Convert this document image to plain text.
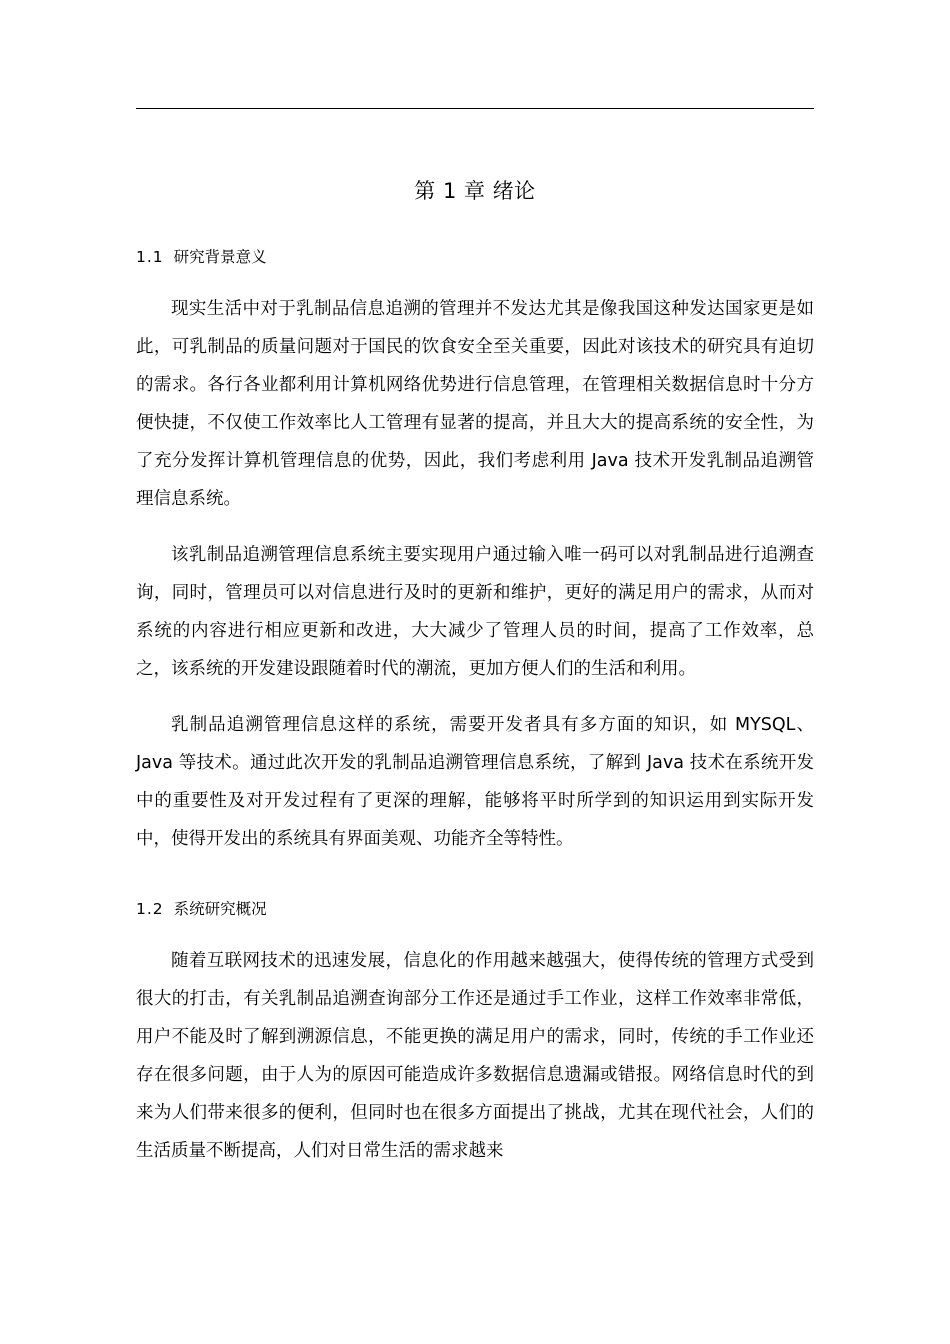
第 1 章 绪论
1.1 研究背景意义

现实生活中对于乳制品信息追溯的管理并不发达尤其是像我国这种发达国家更是如此，可乳制品的质量问题对于国民的饮食安全至关重要，因此对该技术的研究具有迫切的需求。各行各业都利用计算机网络优势进行信息管理，在管理相关数据信息时十分方便快捷，不仅使工作效率比人工管理有显著的提高，并且大大的提高系统的安全性，为了充分发挥计算机管理信息的优势，因此，我们考虑利用 Java 技术开发乳制品追溯管理信息系统。

该乳制品追溯管理信息系统主要实现用户通过输入唯一码可以对乳制品进行追溯查询，同时，管理员可以对信息进行及时的更新和维护，更好的满足用户的需求，从而对系统的内容进行相应更新和改进，大大减少了管理人员的时间，提高了工作效率，总之，该系统的开发建设跟随着时代的潮流，更加方便人们的生活和利用。

乳制品追溯管理信息这样的系统，需要开发者具有多方面的知识，如 MYSQL、Java 等技术。通过此次开发的乳制品追溯管理信息系统，了解到 Java 技术在系统开发中的重要性及对开发过程有了更深的理解，能够将平时所学到的知识运用到实际开发中，使得开发出的系统具有界面美观、功能齐全等特性。

1.2 系统研究概况

随着互联网技术的迅速发展，信息化的作用越来越强大，使得传统的管理方式受到很大的打击，有关乳制品追溯查询部分工作还是通过手工作业，这样工作效率非常低，用户不能及时了解到溯源信息，不能更换的满足用户的需求，同时，传统的手工作业还存在很多问题，由于人为的原因可能造成许多数据信息遗漏或错报。网络信息时代的到来为人们带来很多的便利，但同时也在很多方面提出了挑战，尤其在现代社会，人们的生活质量不断提高，人们对日常生活的需求越来
